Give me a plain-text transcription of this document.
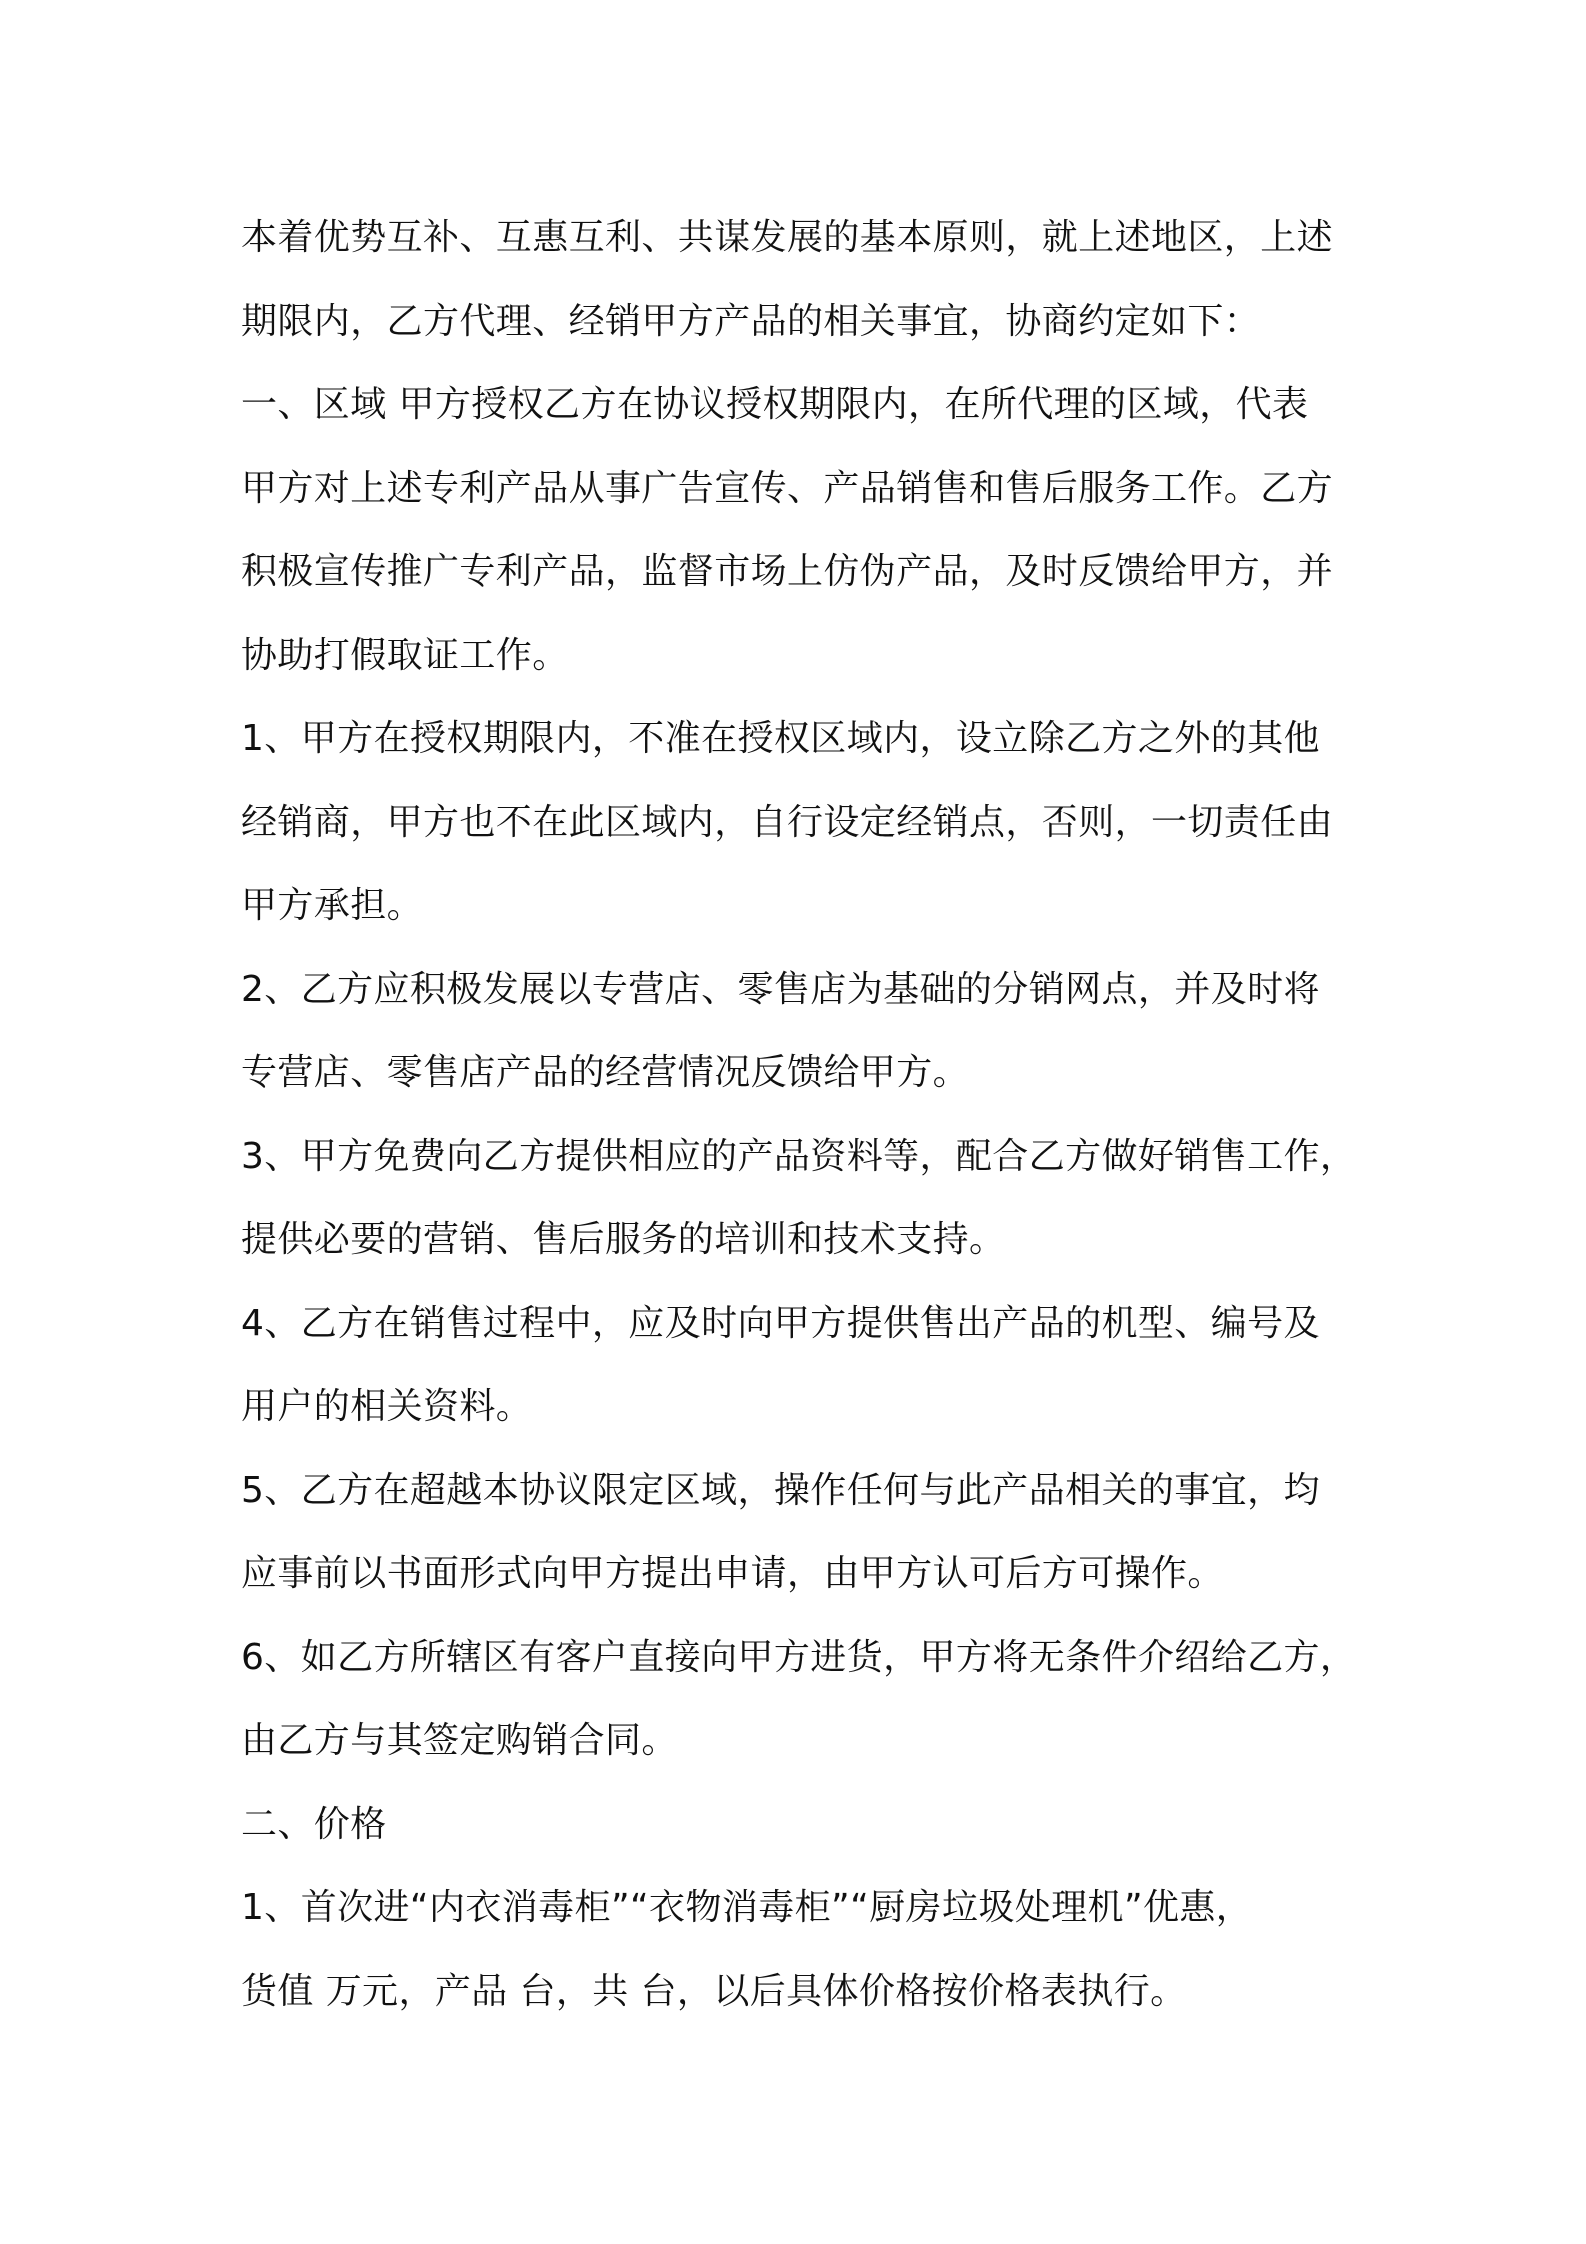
本着优势互补、互惠互利、共谋发展的基本原则，就上述地区，上述
期限内，乙方代理、经销甲方产品的相关事宜，协商约定如下：

一、区域 甲方授权乙方在协议授权期限内，在所代理的区域，代表
甲方对上述专利产品从事广告宣传、产品销售和售后服务工作。乙方
积极宣传推广专利产品，监督市场上仿伪产品，及时反馈给甲方，并
协助打假取证工作。

1、甲方在授权期限内，不准在授权区域内，设立除乙方之外的其他
经销商，甲方也不在此区域内，自行设定经销点，否则，一切责任由
甲方承担。

2、乙方应积极发展以专营店、零售店为基础的分销网点，并及时将
专营店、零售店产品的经营情况反馈给甲方。

3、甲方免费向乙方提供相应的产品资料等，配合乙方做好销售工作，
提供必要的营销、售后服务的培训和技术支持。

4、乙方在销售过程中，应及时向甲方提供售出产品的机型、编号及
用户的相关资料。

5、乙方在超越本协议限定区域，操作任何与此产品相关的事宜，均
应事前以书面形式向甲方提出申请，由甲方认可后方可操作。

6、如乙方所辖区有客户直接向甲方进货，甲方将无条件介绍给乙方，
由乙方与其签定购销合同。

二、价格

1、首次进“内衣消毒柜”“衣物消毒柜”“厨房垃圾处理机”优惠，
货值 万元，产品 台，共 台，以后具体价格按价格表执行。
